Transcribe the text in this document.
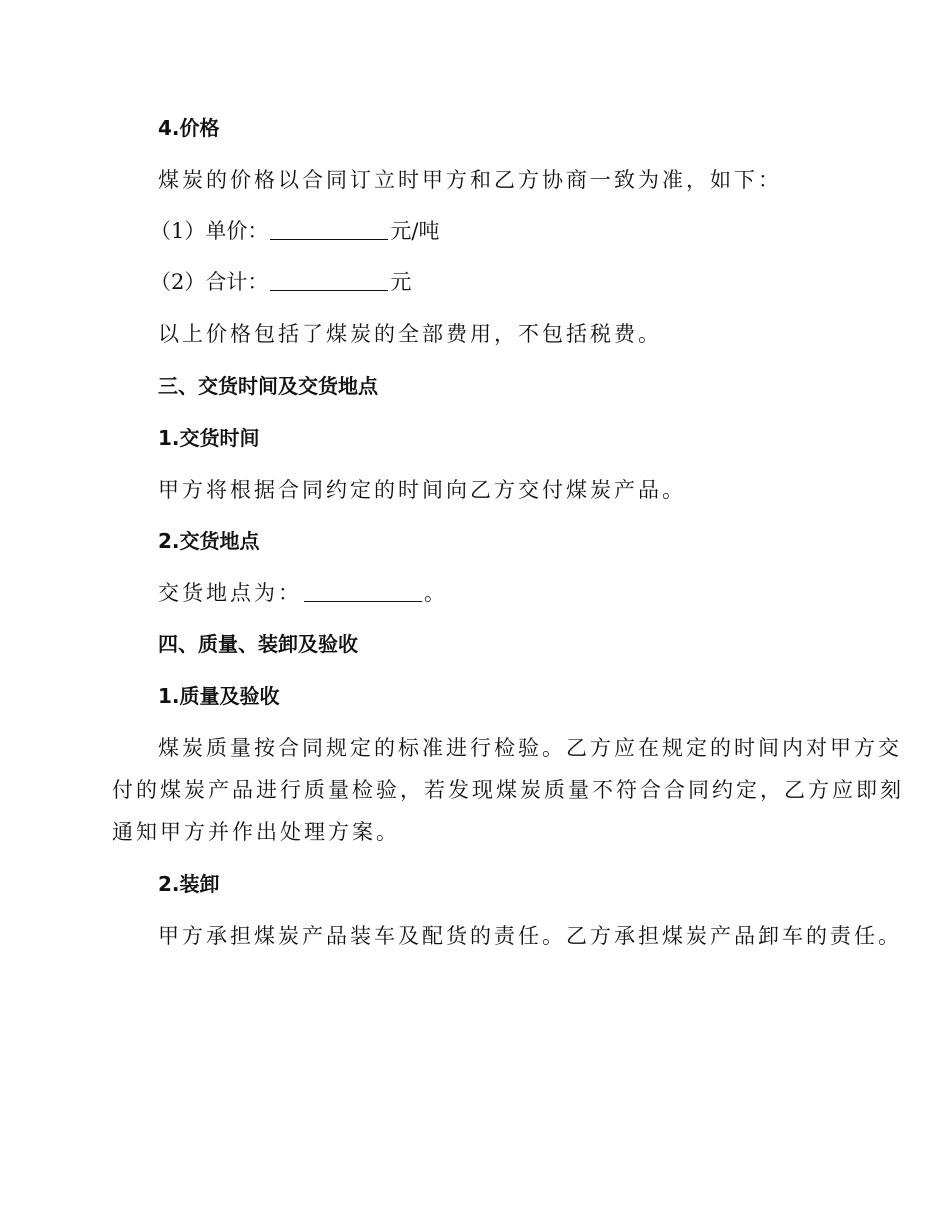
4.价格
煤炭的价格以合同订立时甲方和乙方协商一致为准，如下：
（1）单价：	元/吨
（2）合计：	元
以上价格包括了煤炭的全部费用，不包括税费。
三、交货时间及交货地点
1.交货时间
甲方将根据合同约定的时间向乙方交付煤炭产品。
2.交货地点
交货地点为：	。
四、质量、装卸及验收
1.质量及验收
煤炭质量按合同规定的标准进行检验。乙方应在规定的时间内对甲方交
付的煤炭产品进行质量检验，若发现煤炭质量不符合合同约定，乙方应即刻
通知甲方并作出处理方案。
2.装卸
甲方承担煤炭产品装车及配货的责任。乙方承担煤炭产品卸车的责任。
